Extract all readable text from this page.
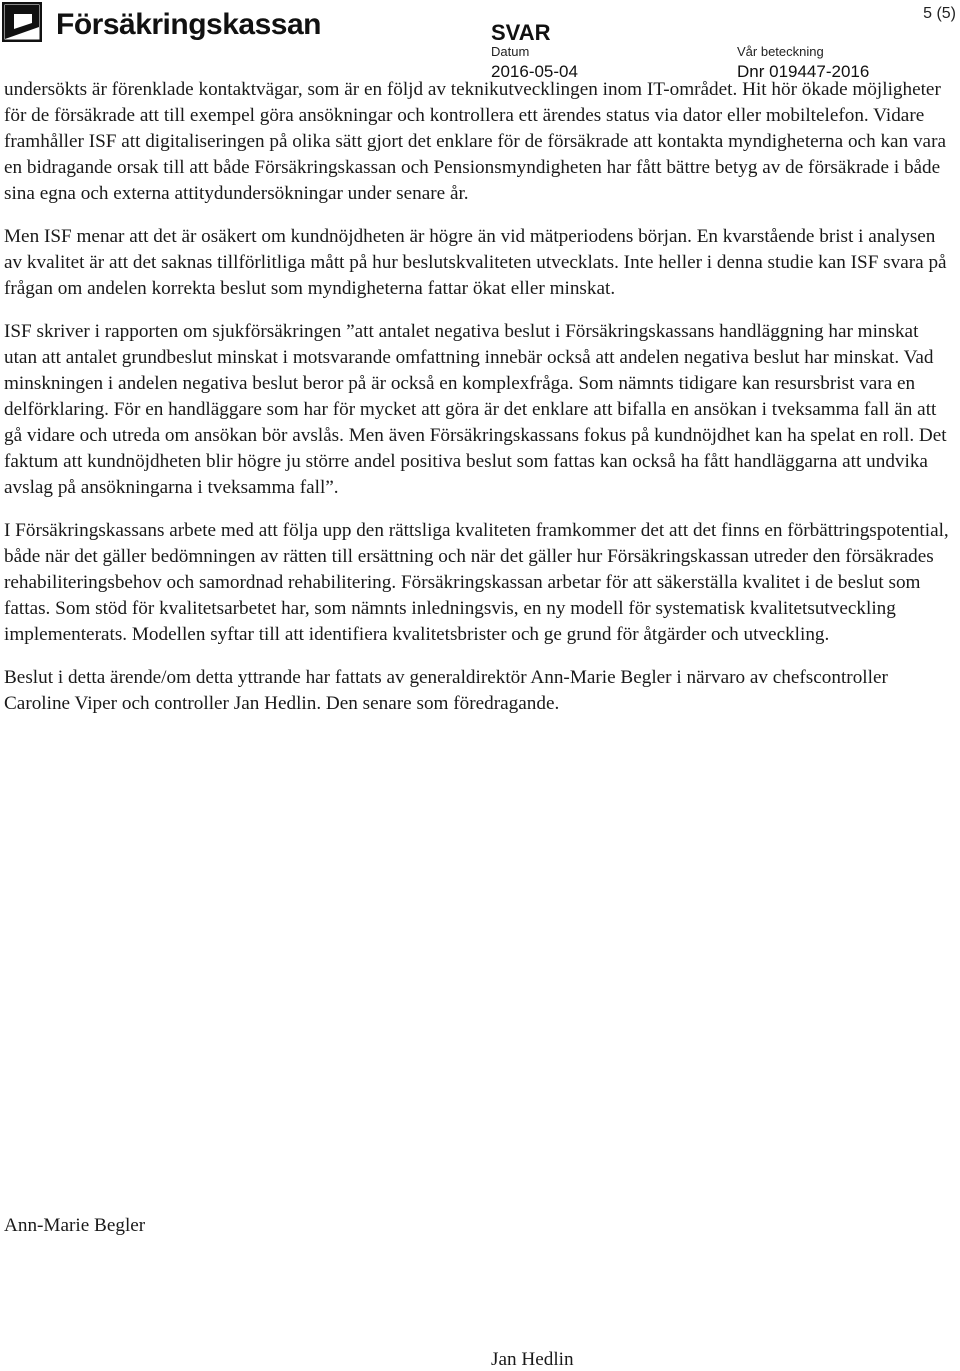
Försäkringskassan	SVAR
5 (5)
Datum
2016-05-04
Vår beteckning
Dnr 019447-2016

undersökts är förenklade kontaktvägar, som är en följd av teknikutvecklingen inom IT-området. Hit hör ökade möjligheter för de försäkrade att till exempel göra ansökningar och kontrollera ett ärendes status via dator eller mobiltelefon. Vidare framhåller ISF att digitaliseringen på olika sätt gjort det enklare för de försäkrade att kontakta myndigheterna och kan vara en bidragande orsak till att både Försäkringskassan och Pensionsmyndigheten har fått bättre betyg av de försäkrade i både sina egna och externa attitydundersökningar under senare år.

Men ISF menar att det är osäkert om kundnöjdheten är högre än vid mätperiodens början. En kvarstående brist i analysen av kvalitet är att det saknas tillförlitliga mått på hur beslutskvaliteten utvecklats. Inte heller i denna studie kan ISF svara på frågan om andelen korrekta beslut som myndigheterna fattar ökat eller minskat.

ISF skriver i rapporten om sjukförsäkringen ”att antalet negativa beslut i Försäkringskassans handläggning har minskat utan att antalet grundbeslut minskat i motsvarande omfattning innebär också att andelen negativa beslut har minskat. Vad minskningen i andelen negativa beslut beror på är också en komplexfråga. Som nämnts tidigare kan resursbrist vara en delförklaring. För en handläggare som har för mycket att göra är det enklare att bifalla en ansökan i tveksamma fall än att gå vidare och utreda om ansökan bör avslås. Men även Försäkringskassans fokus på kundnöjdhet kan ha spelat en roll. Det faktum att kundnöjdheten blir högre ju större andel positiva beslut som fattas kan också ha fått handläggarna att undvika avslag på ansökningarna i tveksamma fall”.

I Försäkringskassans arbete med att följa upp den rättsliga kvaliteten framkommer det att det finns en förbättringspotential, både när det gäller bedömningen av rätten till ersättning och när det gäller hur Försäkringskassan utreder den försäkrades rehabiliteringsbehov och samordnad rehabilitering. Försäkringskassan arbetar för att säkerställa kvalitet i de beslut som fattas. Som stöd för kvalitetsarbetet har, som nämnts inledningsvis, en ny modell för systematisk kvalitetsutveckling implementerats. Modellen syftar till att identifiera kvalitetsbrister och ge grund för åtgärder och utveckling.

Beslut i detta ärende/om detta yttrande har fattats av generaldirektör Ann-Marie Begler i närvaro av chefscontroller Caroline Viper och controller Jan Hedlin. Den senare som föredragande.

Ann-Marie Begler
Jan Hedlin
